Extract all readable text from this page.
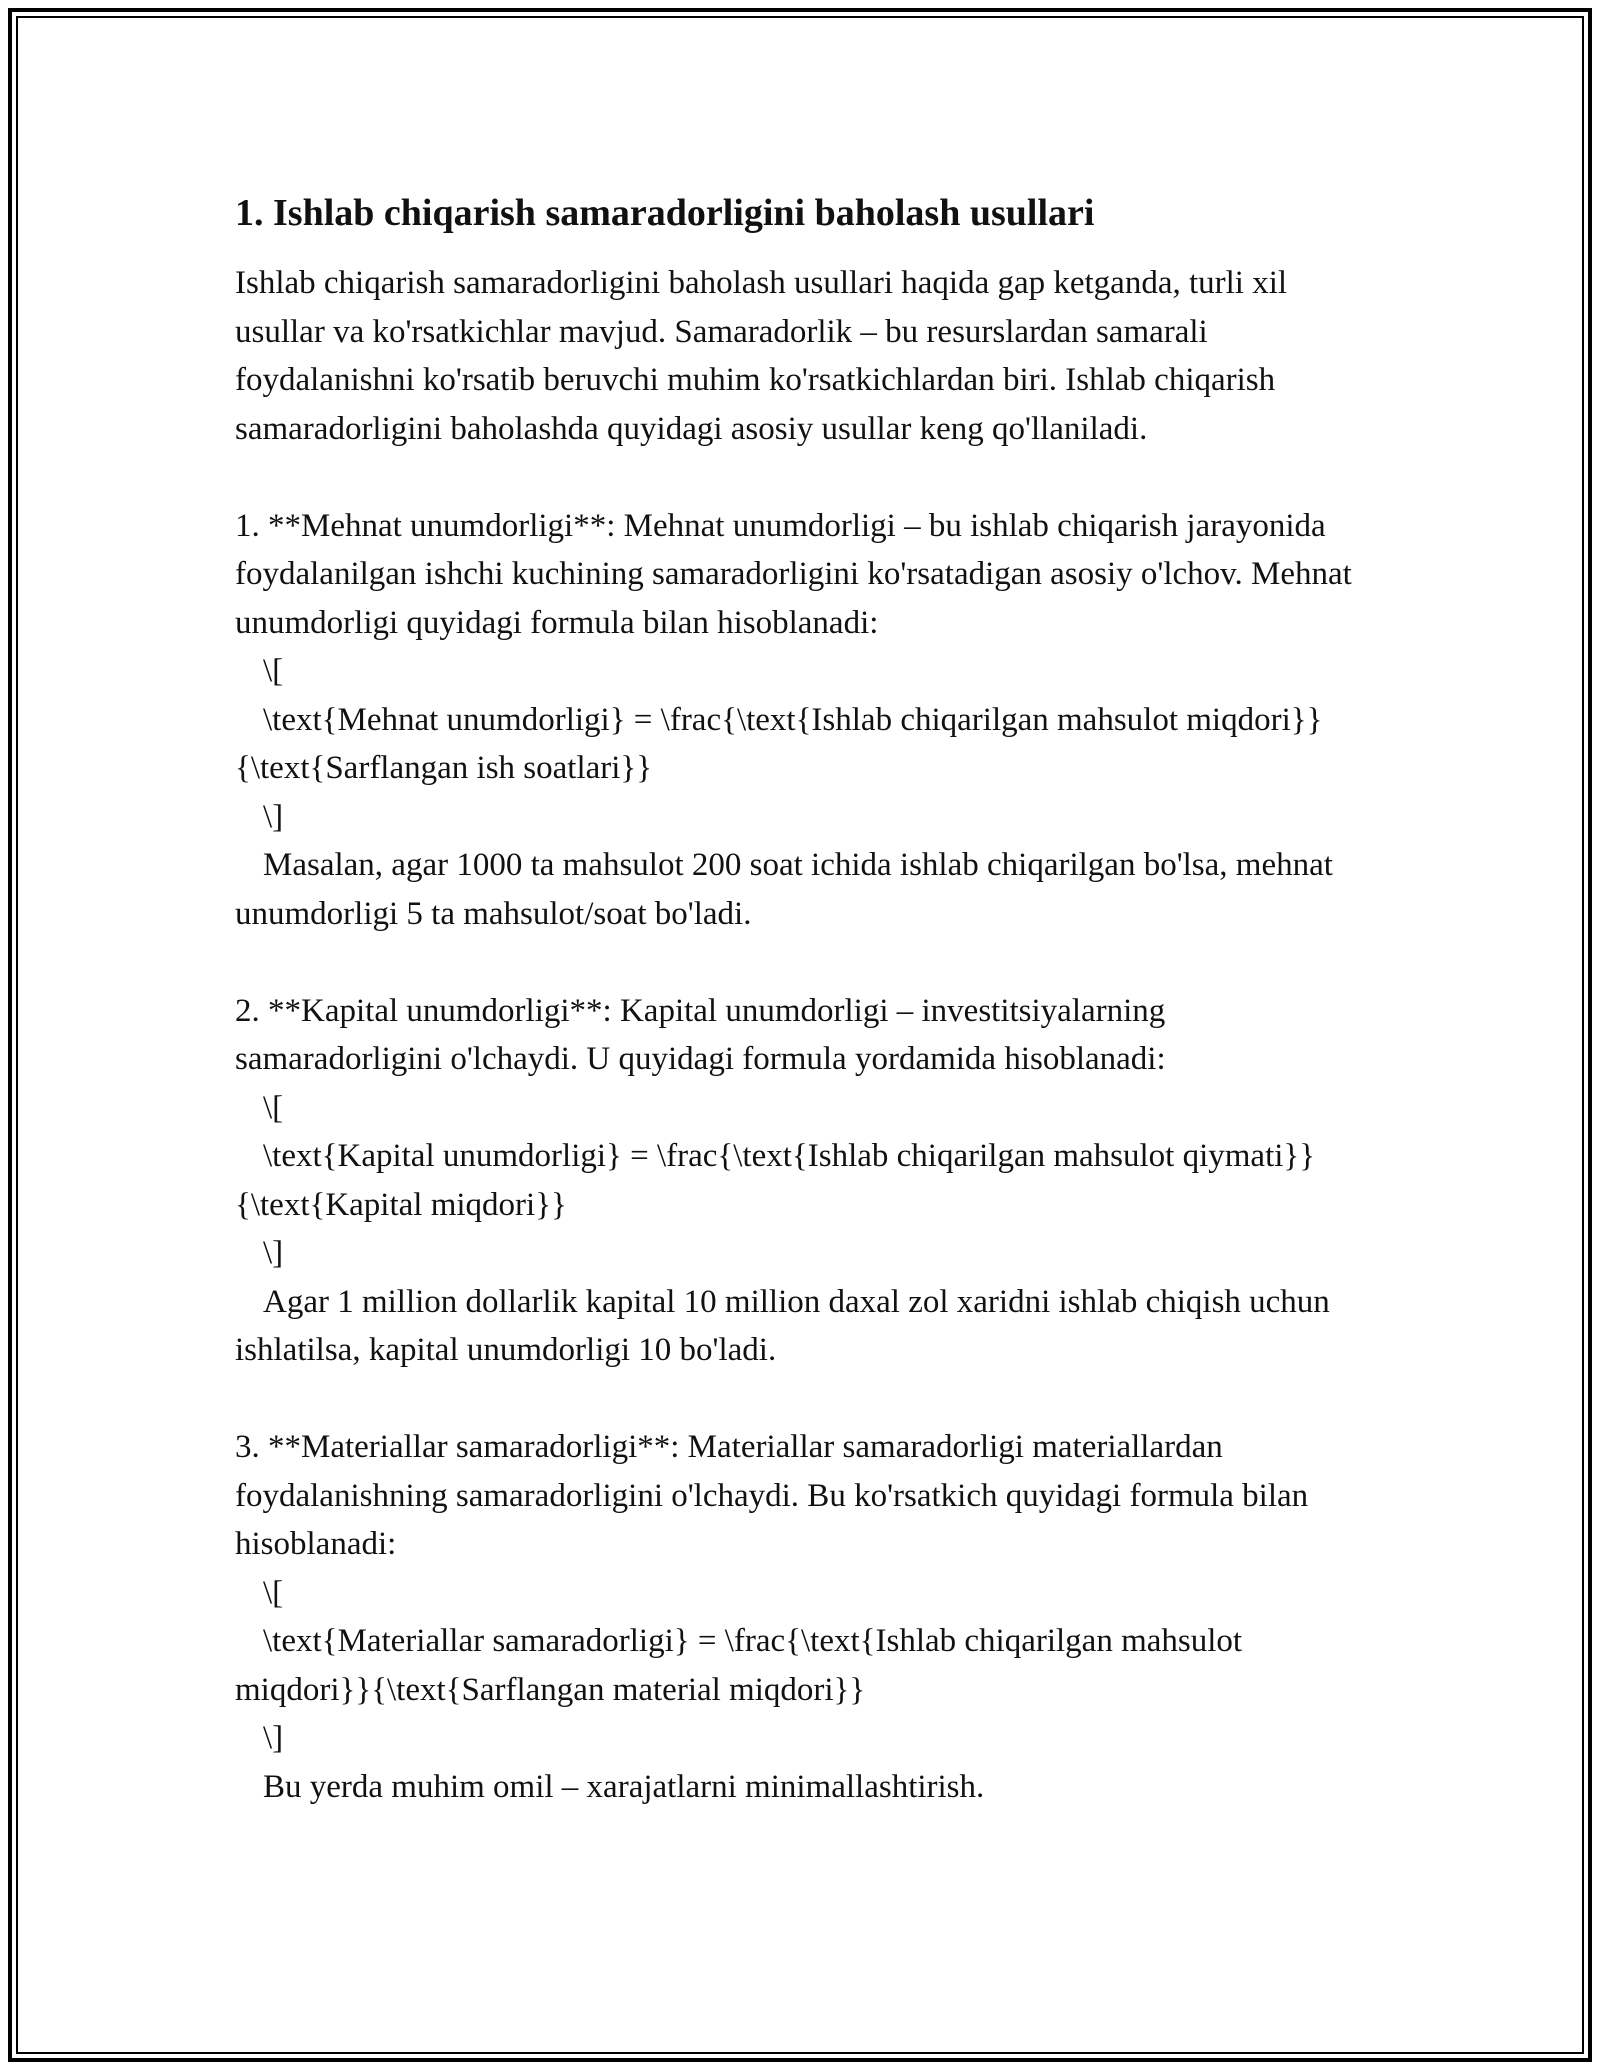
1. Ishlab chiqarish samaradorligini baholash usullari

Ishlab chiqarish samaradorligini baholash usullari haqida gap ketganda, turli xil usullar va ko'rsatkichlar mavjud. Samaradorlik – bu resurslardan samarali foydalanishni ko'rsatib beruvchi muhim ko'rsatkichlardan biri. Ishlab chiqarish samaradorligini baholashda quyidagi asosiy usullar keng qo'llaniladi.

1. **Mehnat unumdorligi**: Mehnat unumdorligi – bu ishlab chiqarish jarayonida foydalanilgan ishchi kuchining samaradorligini ko'rsatadigan asosiy o'lchov. Mehnat unumdorligi quyidagi formula bilan hisoblanadi:

\[

\text{Mehnat unumdorligi} = \frac{\text{Ishlab chiqarilgan mahsulot miqdori}}{\text{Sarflangan ish soatlari}}

\]

Masalan, agar 1000 ta mahsulot 200 soat ichida ishlab chiqarilgan bo'lsa, mehnat unumdorligi 5 ta mahsulot/soat bo'ladi.

2. **Kapital unumdorligi**: Kapital unumdorligi – investitsiyalarning samaradorligini o'lchaydi. U quyidagi formula yordamida hisoblanadi:

\[

\text{Kapital unumdorligi} = \frac{\text{Ishlab chiqarilgan mahsulot qiymati}}{\text{Kapital miqdori}}

\]

Agar 1 million dollarlik kapital 10 million daxal zol xaridni ishlab chiqish uchun ishlatilsa, kapital unumdorligi 10 bo'ladi.

3. **Materiallar samaradorligi**: Materiallar samaradorligi materiallardan foydalanishning samaradorligini o'lchaydi. Bu ko'rsatkich quyidagi formula bilan hisoblanadi:

\[

\text{Materiallar samaradorligi} = \frac{\text{Ishlab chiqarilgan mahsulot miqdori}}{\text{Sarflangan material miqdori}}

\]

Bu yerda muhim omil – xarajatlarni minimallashtirish.
